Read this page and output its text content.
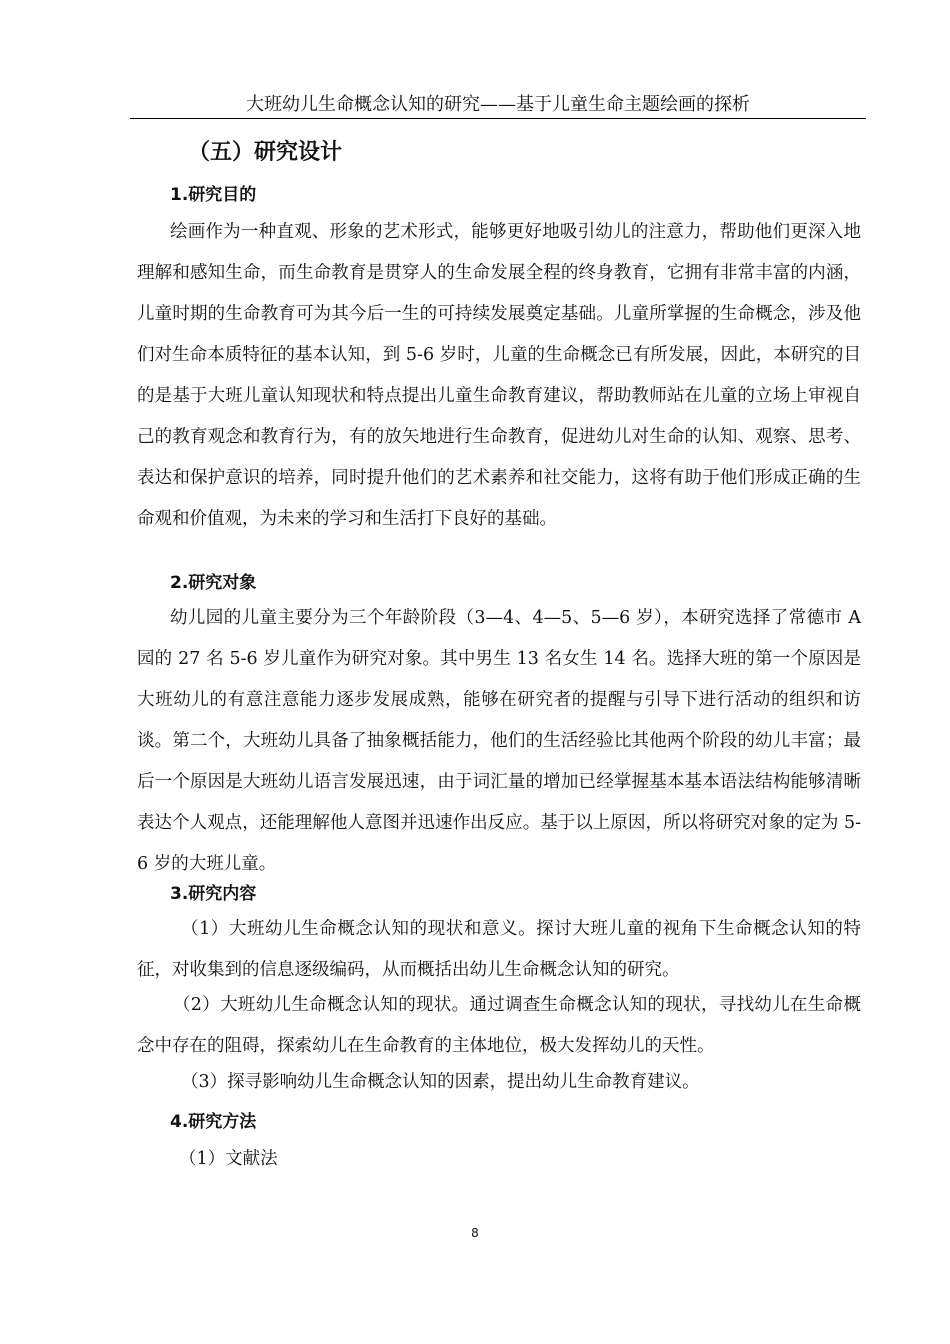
大班幼儿生命概念认知的研究——基于儿童生命主题绘画的探析
（五）研究设计
1.研究目的

绘画作为一种直观、形象的艺术形式，能够更好地吸引幼儿的注意力，帮助他们更深入地理解和感知生命，而生命教育是贯穿人的生命发展全程的终身教育，它拥有非常丰富的内涵，儿童时期的生命教育可为其今后一生的可持续发展奠定基础。儿童所掌握的生命概念，涉及他们对生命本质特征的基本认知，到 5-6 岁时，儿童的生命概念已有所发展，因此，本研究的目的是基于大班儿童认知现状和特点提出儿童生命教育建议，帮助教师站在儿童的立场上审视自己的教育观念和教育行为，有的放矢地进行生命教育，促进幼儿对生命的认知、观察、思考、表达和保护意识的培养，同时提升他们的艺术素养和社交能力，这将有助于他们形成正确的生命观和价值观，为未来的学习和生活打下良好的基础。

2.研究对象

幼儿园的儿童主要分为三个年龄阶段（3—4、4—5、5—6 岁），本研究选择了常德市 A 园的 27 名 5-6 岁儿童作为研究对象。其中男生 13 名女生 14 名。选择大班的第一个原因是大班幼儿的有意注意能力逐步发展成熟，能够在研究者的提醒与引导下进行活动的组织和访谈。第二个，大班幼儿具备了抽象概括能力，他们的生活经验比其他两个阶段的幼儿丰富；最后一个原因是大班幼儿语言发展迅速，由于词汇量的增加已经掌握基本基本语法结构能够清晰表达个人观点，还能理解他人意图并迅速作出反应。基于以上原因，所以将研究对象的定为 5-6 岁的大班儿童。

3.研究内容

（1）大班幼儿生命概念认知的现状和意义。探讨大班儿童的视角下生命概念认知的特征，对收集到的信息逐级编码，从而概括出幼儿生命概念认知的研究。

（2）大班幼儿生命概念认知的现状。通过调查生命概念认知的现状，寻找幼儿在生命概念中存在的阻碍，探索幼儿在生命教育的主体地位，极大发挥幼儿的天性。

（3）探寻影响幼儿生命概念认知的因素，提出幼儿生命教育建议。

4.研究方法

（1）文献法

8
